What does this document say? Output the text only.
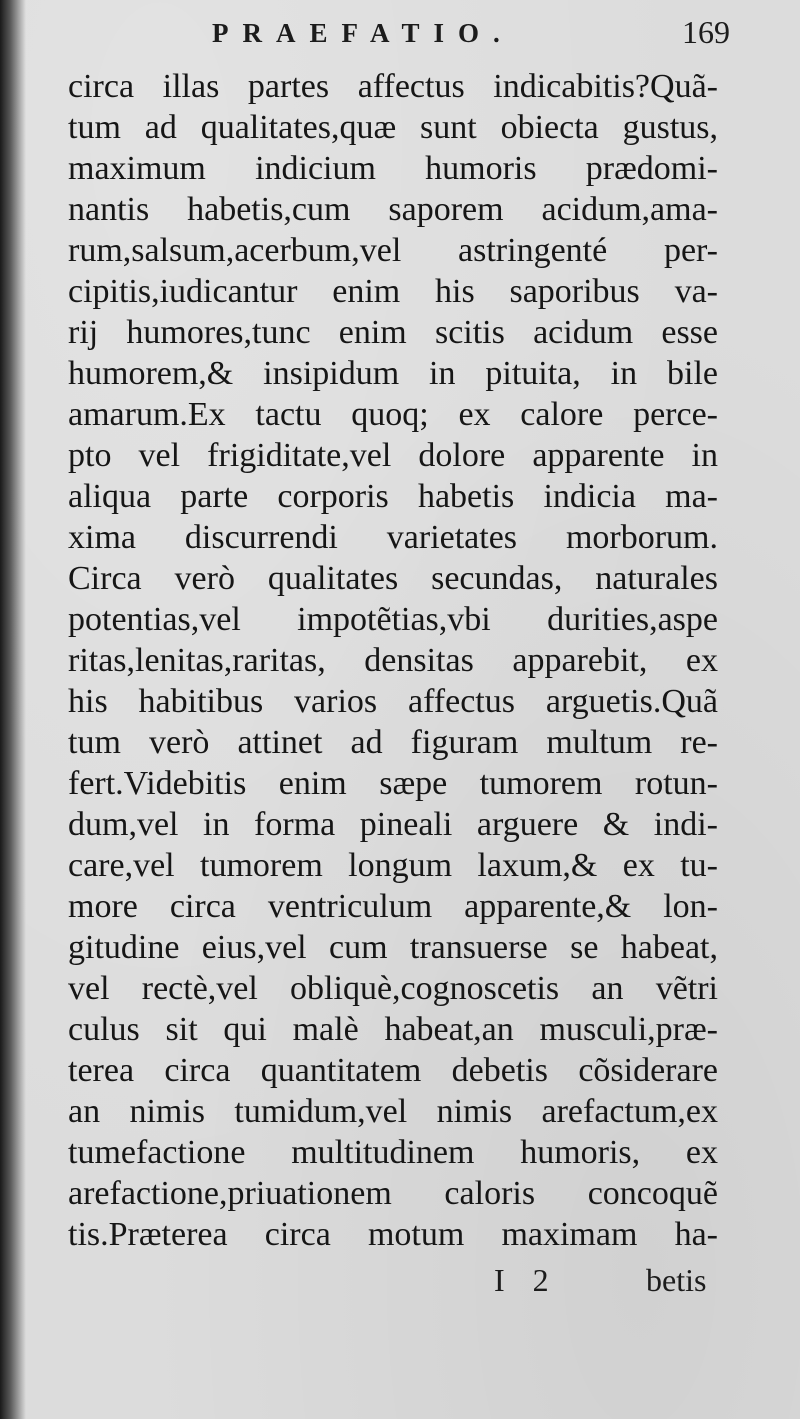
PRAEFATIO.	169
circa illas partes affectus indicabitis?Quã-
tum ad qualitates,quæ sunt obiecta gustus,
maximum indicium humoris prædomi-
nantis habetis,cum saporem acidum,ama-
rum,salsum,acerbum,vel astringenté per-
cipitis,iudicantur enim his saporibus va-
rij humores,tunc enim scitis acidum esse
humorem,& insipidum in pituita, in bile
amarum.Ex tactu quoq; ex calore perce-
pto vel frigiditate,vel dolore apparente in
aliqua parte corporis habetis indicia ma-
xima discurrendi varietates morborum.
Circa verò qualitates secundas, naturales
potentias,vel impotẽtias,vbi durities,aspe
ritas,lenitas,raritas, densitas apparebit, ex
his habitibus varios affectus arguetis.Quã
tum verò attinet ad figuram multum re-
fert.Videbitis enim sæpe tumorem rotun-
dum,vel in forma pineali arguere & indi-
care,vel tumorem longum laxum,& ex tu-
more circa ventriculum apparente,& lon-
gitudine eius,vel cum transuerse se habeat,
vel rectè,vel obliquè,cognoscetis an vẽtri
culus sit qui malè habeat,an musculi,præ-
terea circa quantitatem debetis cõsiderare
an nimis tumidum,vel nimis arefactum,ex
tumefactione multitudinem humoris, ex
arefactione,priuationem caloris concoquẽ
tis.Præterea circa motum maximam ha-
I 2	betis
